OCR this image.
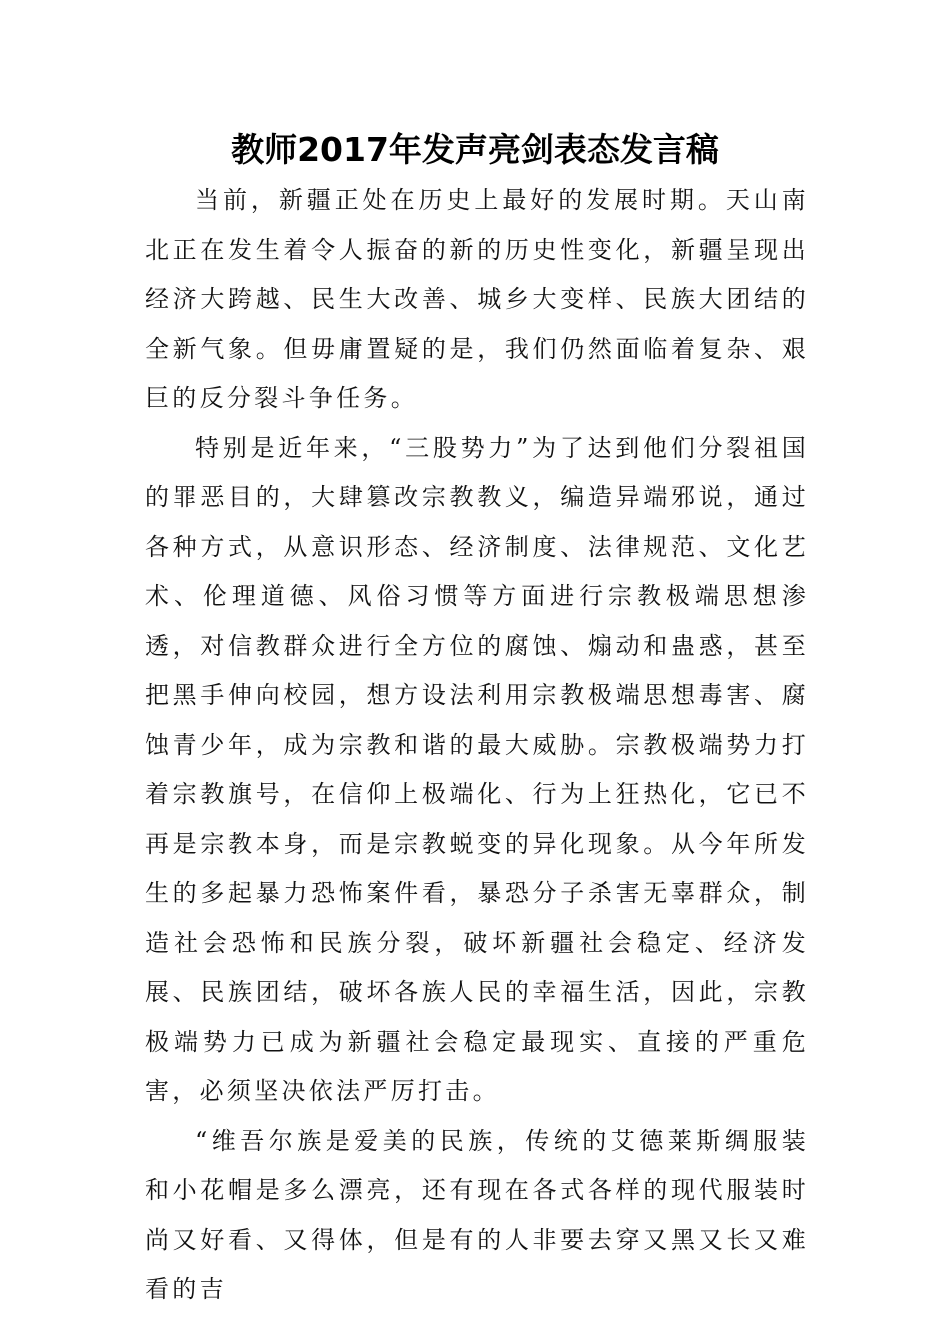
教师2017年发声亮剑表态发言稿

当前，新疆正处在历史上最好的发展时期。天山南北正在发生着令人振奋的新的历史性变化，新疆呈现出经济大跨越、民生大改善、城乡大变样、民族大团结的全新气象。但毋庸置疑的是，我们仍然面临着复杂、艰巨的反分裂斗争任务。

特别是近年来，“三股势力”为了达到他们分裂祖国的罪恶目的，大肆篡改宗教教义，编造异端邪说，通过各种方式，从意识形态、经济制度、法律规范、文化艺术、伦理道德、风俗习惯等方面进行宗教极端思想渗透，对信教群众进行全方位的腐蚀、煽动和蛊惑，甚至把黑手伸向校园，想方设法利用宗教极端思想毒害、腐蚀青少年，成为宗教和谐的最大威胁。宗教极端势力打着宗教旗号，在信仰上极端化、行为上狂热化，它已不再是宗教本身，而是宗教蜕变的异化现象。从今年所发生的多起暴力恐怖案件看，暴恐分子杀害无辜群众，制造社会恐怖和民族分裂，破坏新疆社会稳定、经济发展、民族团结，破坏各族人民的幸福生活，因此，宗教极端势力已成为新疆社会稳定最现实、直接的严重危害，必须坚决依法严厉打击。

“维吾尔族是爱美的民族，传统的艾德莱斯绸服装和小花帽是多么漂亮，还有现在各式各样的现代服装时尚又好看、又得体，但是有的人非要去穿又黑又长又难看的吉
